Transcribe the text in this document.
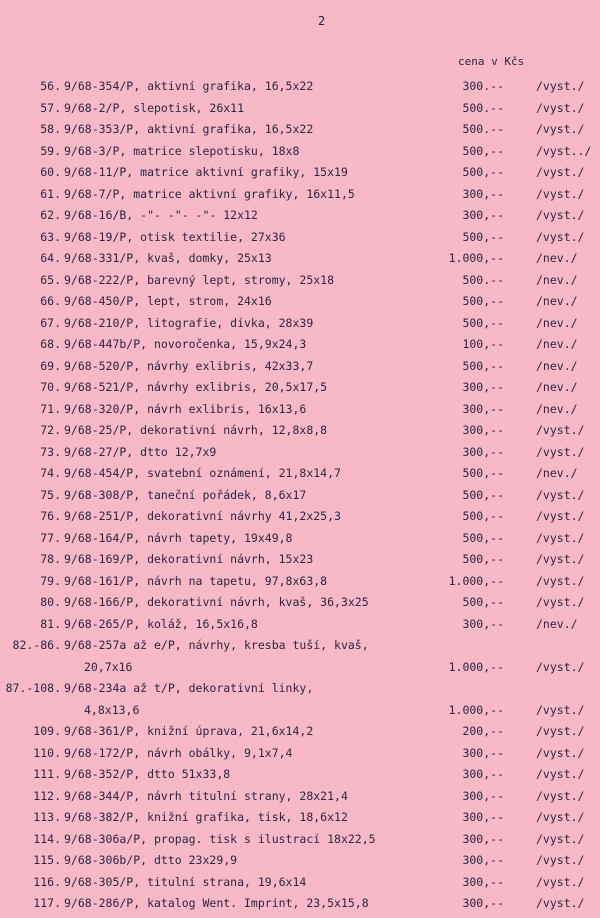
2
cena v Kčs
56. 9/68-354/P, aktivní grafika, 16,5x22	300.--	/vyst./
57. 9/68-2/P, slepotisk, 26x11	500.--	/vyst./
58. 9/68-353/P, aktivní grafika, 16,5x22	500.--	/vyst./
59. 9/68-3/P, matrice slepotisku, 18x8	500,--	/vyst../
60. 9/68-11/P, matrice aktivní grafiky, 15x19	500,--	/vyst./
61. 9/68-7/P, matrice aktivní grafiky, 16x11,5	300,--	/vyst./
62. 9/68-16/B, -"- -"- -"- 12x12	300,--	/vyst./
63. 9/68-19/P, otisk textilie, 27x36	500,--	/vyst./
64. 9/68-331/P, kvaš, domky, 25x13	1.000,--	/nev./
65. 9/68-222/P, barevný lept, stromy, 25x18	500.--	/nev./
66. 9/68-450/P, lept, strom, 24x16	500,--	/nev./
67. 9/68-210/P, litografie, dívka, 28x39	500,--	/nev./
68. 9/68-447b/P, novoročenka, 15,9x24,3	100,--	/nev./
69. 9/68-520/P, návrhy exlibris, 42x33,7	500,--	/nev./
70. 9/68-521/P, návrhy exlibris, 20,5x17,5	300,--	/nev./
71. 9/68-320/P, návrh exlibris, 16x13,6	300,--	/nev./
72. 9/68-25/P, dekorativní návrh, 12,8x8,8	300,--	/vyst./
73. 9/68-27/P, dtto 12,7x9	300,--	/vyst./
74. 9/68-454/P, svatební oznámení, 21,8x14,7	500,--	/nev./
75. 9/68-308/P, taneční pořádek, 8,6x17	500,--	/vyst./
76. 9/68-251/P, dekorativní návrhy 41,2x25,3	500,--	/vyst./
77. 9/68-164/P, návrh tapety, 19x49,8	500,--	/vyst./
78. 9/68-169/P, dekorativní návrh, 15x23	500,--	/vyst./
79. 9/68-161/P, návrh na tapetu, 97,8x63,8	1.000,--	/vyst./
80. 9/68-166/P, dekorativní návrh, kvaš, 36,3x25	500,--	/vyst./
81. 9/68-265/P, koláž, 16,5x16,8	300,--	/nev./
82.-86. 9/68-257a až e/P, návrhy, kresba tuší, kvaš,
20,7x16	1.000,--	/vyst./
87.-108. 9/68-234a až t/P, dekorativní linky,
4,8x13,6	1.000,--	/vyst./
109. 9/68-361/P, knižní úprava, 21,6x14,2	200,--	/vyst./
110. 9/68-172/P, návrh obálky, 9,1x7,4	300,--	/vyst./
111. 9/68-352/P, dtto 51x33,8	300,--	/vyst./
112. 9/68-344/P, návrh titulní strany, 28x21,4	300,--	/vyst./
113. 9/68-382/P, knižní grafika, tisk, 18,6x12	300,--	/vyst./
114. 9/68-306a/P, propag. tisk s ilustrací 18x22,5	300,--	/vyst./
115. 9/68-306b/P, dtto 23x29,9	300,--	/vyst./
116. 9/68-305/P, titulní strana, 19,6x14	300,--	/vyst./
117. 9/68-286/P, katalog Went. Imprint, 23,5x15,8	300,--	/vyst./
